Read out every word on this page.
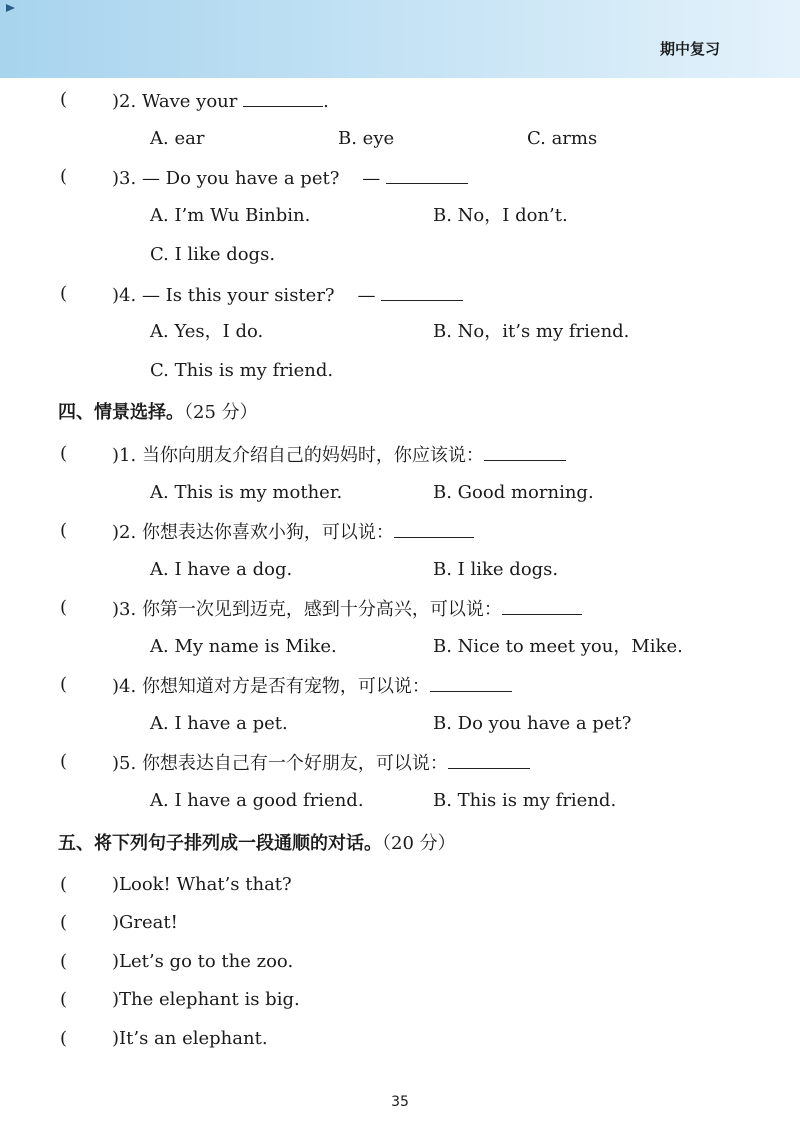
期中复习
( )2. Wave your	.
A. ear	B. eye	C. arms
( )3. — Do you have a pet? —
A. I’m Wu Binbin.	B. No，I don’t.
C. I like dogs.
( )4. — Is this your sister? —
A. Yes，I do.	B. No，it’s my friend.
C. This is my friend.
四、情景选择。（25 分）
( )1. 当你向朋友介绍自己的妈妈时，你应该说：
A. This is my mother.	B. Good morning.
( )2. 你想表达你喜欢小狗，可以说：
A. I have a dog.	B. I like dogs.
( )3. 你第一次见到迈克，感到十分高兴，可以说：
A. My name is Mike.	B. Nice to meet you，Mike.
( )4. 你想知道对方是否有宠物，可以说：
A. I have a pet.	B. Do you have a pet?
( )5. 你想表达自己有一个好朋友，可以说：
A. I have a good friend.	B. This is my friend.
五、将下列句子排列成一段通顺的对话。（20 分）
( )Look! What’s that?
( )Great!
( )Let’s go to the zoo.
( )The elephant is big.
( )It’s an elephant.
35
